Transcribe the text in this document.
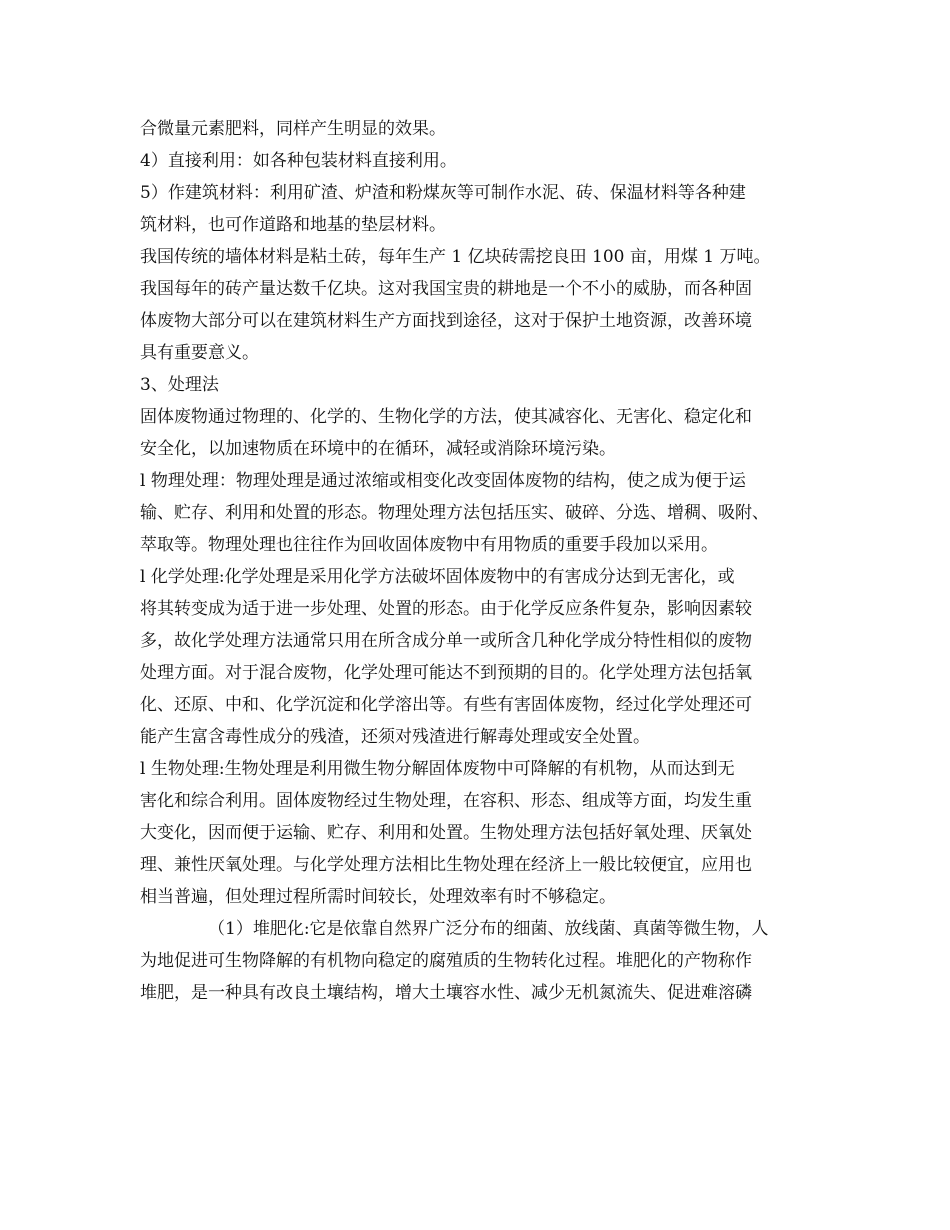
合微量元素肥料，同样产生明显的效果。
4）直接利用：如各种包装材料直接利用。
5）作建筑材料：利用矿渣、炉渣和粉煤灰等可制作水泥、砖、保温材料等各种建
筑材料，也可作道路和地基的垫层材料。
我国传统的墙体材料是粘土砖，每年生产 1 亿块砖需挖良田 100 亩，用煤 1 万吨。
我国每年的砖产量达数千亿块。这对我国宝贵的耕地是一个不小的威胁，而各种固
体废物大部分可以在建筑材料生产方面找到途径，这对于保护土地资源，改善环境
具有重要意义。
3、处理法
固体废物通过物理的、化学的、生物化学的方法，使其减容化、无害化、稳定化和
安全化，以加速物质在环境中的在循环，减轻或消除环境污染。
l 物理处理：物理处理是通过浓缩或相变化改变固体废物的结构，使之成为便于运
输、贮存、利用和处置的形态。物理处理方法包括压实、破碎、分选、增稠、吸附、
萃取等。物理处理也往往作为回收固体废物中有用物质的重要手段加以采用。
l 化学处理:化学处理是采用化学方法破坏固体废物中的有害成分达到无害化，或
将其转变成为适于进一步处理、处置的形态。由于化学反应条件复杂，影响因素较
多，故化学处理方法通常只用在所含成分单一或所含几种化学成分特性相似的废物
处理方面。对于混合废物，化学处理可能达不到预期的目的。化学处理方法包括氧
化、还原、中和、化学沉淀和化学溶出等。有些有害固体废物，经过化学处理还可
能产生富含毒性成分的残渣，还须对残渣进行解毒处理或安全处置。
l 生物处理:生物处理是利用微生物分解固体废物中可降解的有机物，从而达到无
害化和综合利用。固体废物经过生物处理，在容积、形态、组成等方面，均发生重
大变化，因而便于运输、贮存、利用和处置。生物处理方法包括好氧处理、厌氧处
理、兼性厌氧处理。与化学处理方法相比生物处理在经济上一般比较便宜，应用也
相当普遍，但处理过程所需时间较长，处理效率有时不够稳定。
（1）堆肥化:它是依靠自然界广泛分布的细菌、放线菌、真菌等微生物，人
为地促进可生物降解的有机物向稳定的腐殖质的生物转化过程。堆肥化的产物称作
堆肥，是一种具有改良土壤结构，增大土壤容水性、减少无机氮流失、促进难溶磷
